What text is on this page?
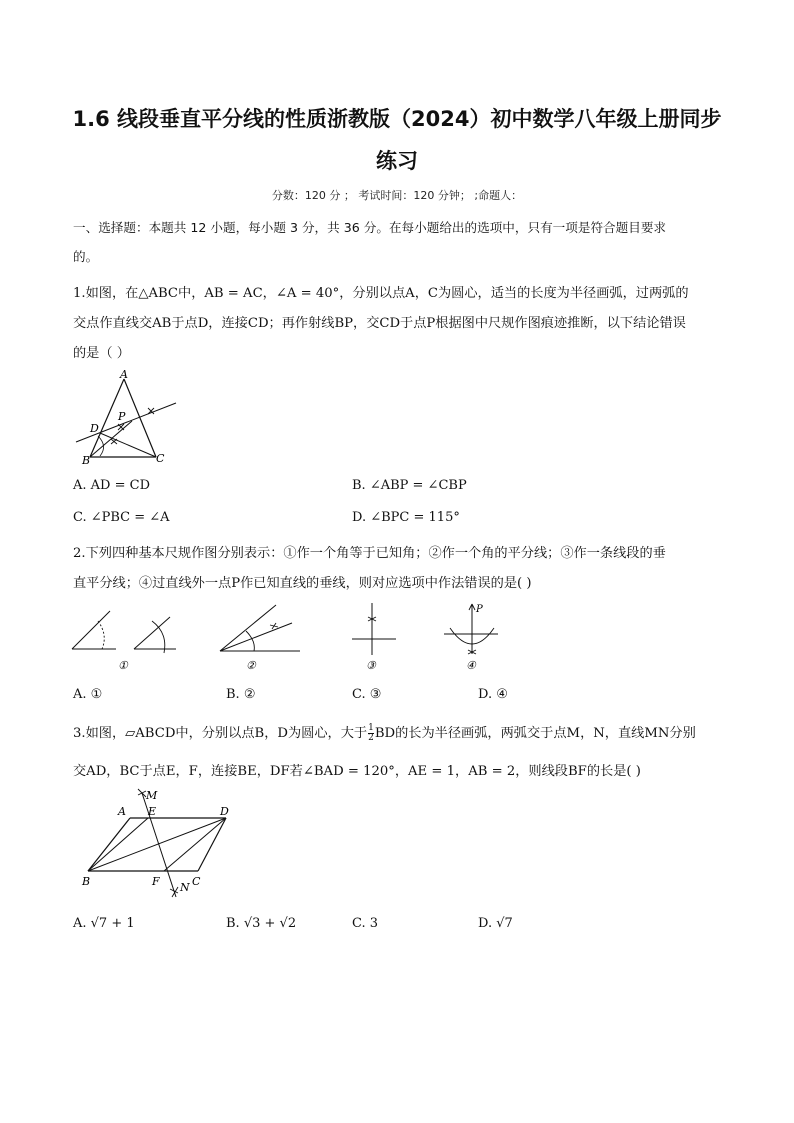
1.6 线段垂直平分线的性质浙教版（2024）初中数学八年级上册同步
练习
分数：120 分 ； 考试时间：120 分钟； ;命题人：
一、选择题：本题共 12 小题，每小题 3 分，共 36 分。在每小题给出的选项中，只有一项是符合题目要求
的。
1.如图，在△ABC中，AB = AC，∠A = 40°，分别以点A，C为圆心，适当的长度为半径画弧，过两弧的
交点作直线交AB于点D，连接CD；再作射线BP，交CD于点P根据图中尺规作图痕迹推断，以下结论错误
的是（ ）
A
D
P
B	C
A. AD = CD	B. ∠ABP = ∠CBP
C. ∠PBC = ∠A	D. ∠BPC = 115°
2.下列四种基本尺规作图分别表示：①作一个角等于已知角；②作一个角的平分线；③作一条线段的垂
直平分线；④过直线外一点P作已知直线的垂线，则对应选项中作法错误的是( )
①	②	③
P
④
A. ①	B. ②	C. ③	D. ④
3.如图，▱ABCD中，分别以点B，D为圆心，大于 $\frac{1}{2}$ BD的长为半径画弧，两弧交于点M，N，直线MN分别
交AD，BC于点E，F，连接BE，DF若∠BAD = 120°，AE = 1，AB = 2，则线段BF的长是( )
M
A E	D
B	F N C
A. √7 + 1	B. √3 + √2	C. 3	D. √7
